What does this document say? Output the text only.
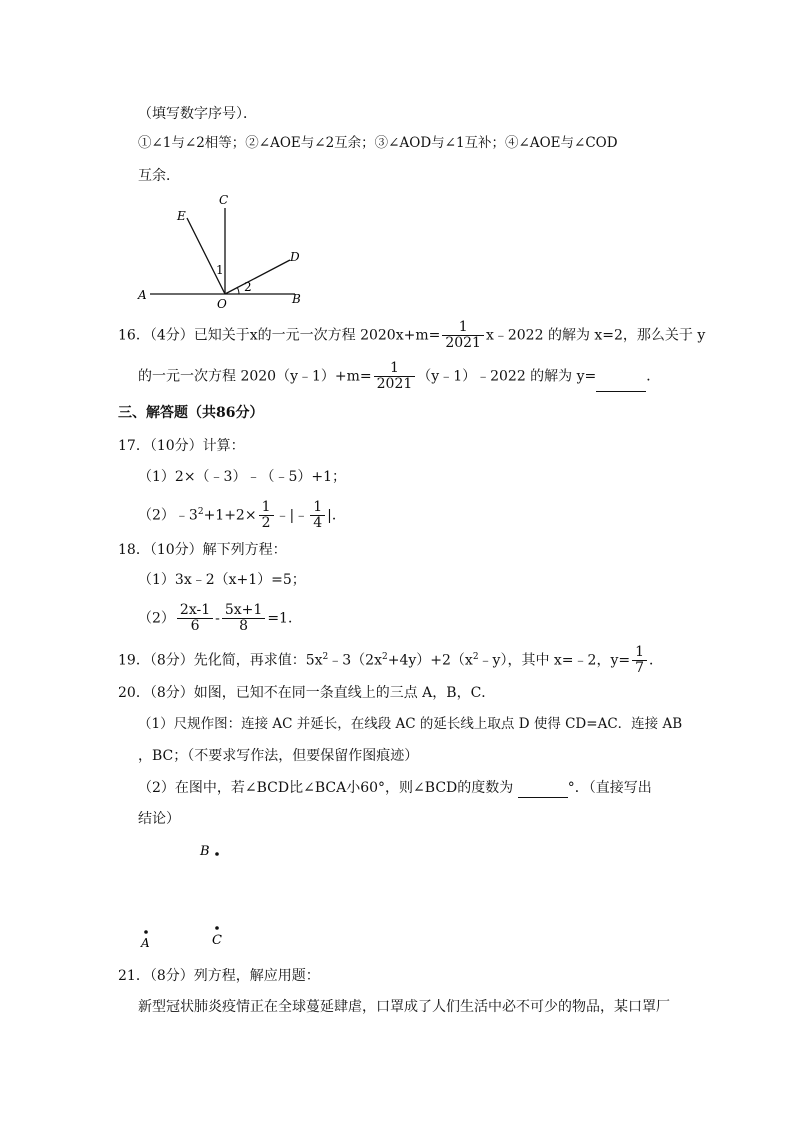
（填写数字序号）．
①∠1与∠2相等；②∠AOE与∠2互余；③∠AOD与∠1互补；④∠AOE与∠COD
互余．
C
E
D
1
2
A
O	B
16．（4分）已知关于x的一元一次方程 $2020x+m= \frac{1}{2021}$ x﹣2022 的解为 x=2，那么关于 y
的一元一次方程 2020（y﹣1）+m= $\frac{1}{2021}$ （y﹣1）﹣2022 的解为 y=	．
三、解答题（共86分）
17．（10分）计算：
（1）2×（﹣3）﹣（﹣5）+1；
$(2)﹣3^2+1+2\times \frac{1}{2}$ ﹣|﹣ $\frac{1}{4}$ |．
18．（10分）解下列方程：
（1）3x﹣2（x+1）=5；
$(2) \frac{2x-1}{6} - \frac{5x+1}{8} =1$．
19．（8分）先化简，再求值：$5x^2﹣3(2x^2+4y)+2(x^2﹣y)$，其中 x=﹣2，$y= \frac{1}{7}$ ．
20．（8分）如图，已知不在同一条直线上的三点 A，B，C．
（1）尺规作图：连接 AC 并延长，在线段 AC 的延长线上取点 D 使得 CD=AC．连接 AB
，BC；（不要求写作法，但要保留作图痕迹）
（2）在图中，若∠BCD比∠BCA小60°，则∠BCD的度数为	°．（直接写出
结论）
B
A	C
21．（8分）列方程，解应用题：
新型冠状肺炎疫情正在全球蔓延肆虐，口罩成了人们生活中必不可少的物品，某口罩厂
